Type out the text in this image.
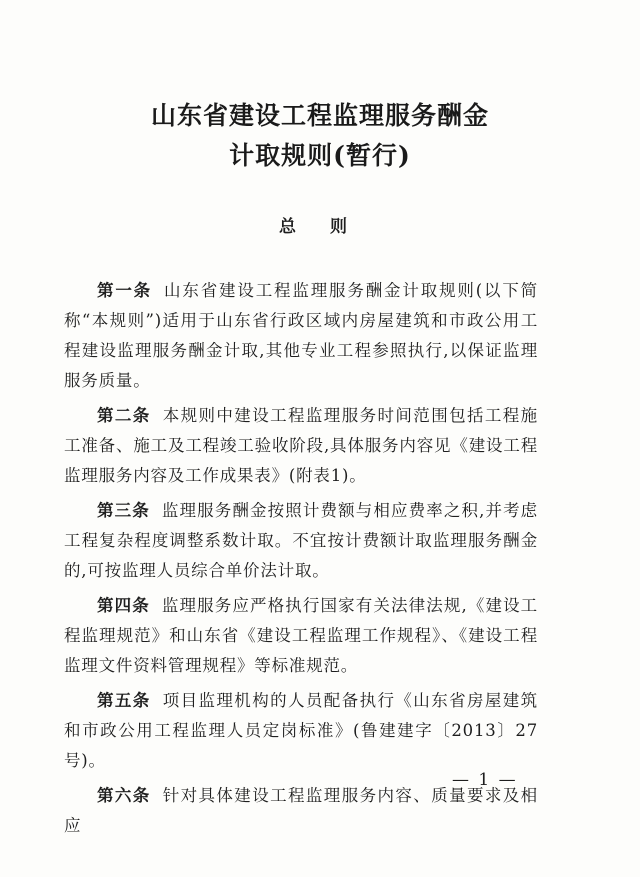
山东省建设工程监理服务酬金
计取规则(暂行)
总 则

第一条 山东省建设工程监理服务酬金计取规则(以下简称“本规则”)适用于山东省行政区域内房屋建筑和市政公用工程建设监理服务酬金计取,其他专业工程参照执行,以保证监理服务质量。

第二条 本规则中建设工程监理服务时间范围包括工程施工准备、施工及工程竣工验收阶段,具体服务内容见《建设工程监理服务内容及工作成果表》(附表1)。

第三条 监理服务酬金按照计费额与相应费率之积,并考虑工程复杂程度调整系数计取。不宜按计费额计取监理服务酬金的,可按监理人员综合单价法计取。

第四条 监理服务应严格执行国家有关法律法规,《建设工程监理规范》和山东省《建设工程监理工作规程》、《建设工程监理文件资料管理规程》等标准规范。

第五条 项目监理机构的人员配备执行《山东省房屋建筑和市政公用工程监理人员定岗标准》(鲁建建字〔2013〕27号)。

第六条 针对具体建设工程监理服务内容、质量要求及相应

— 1 —
